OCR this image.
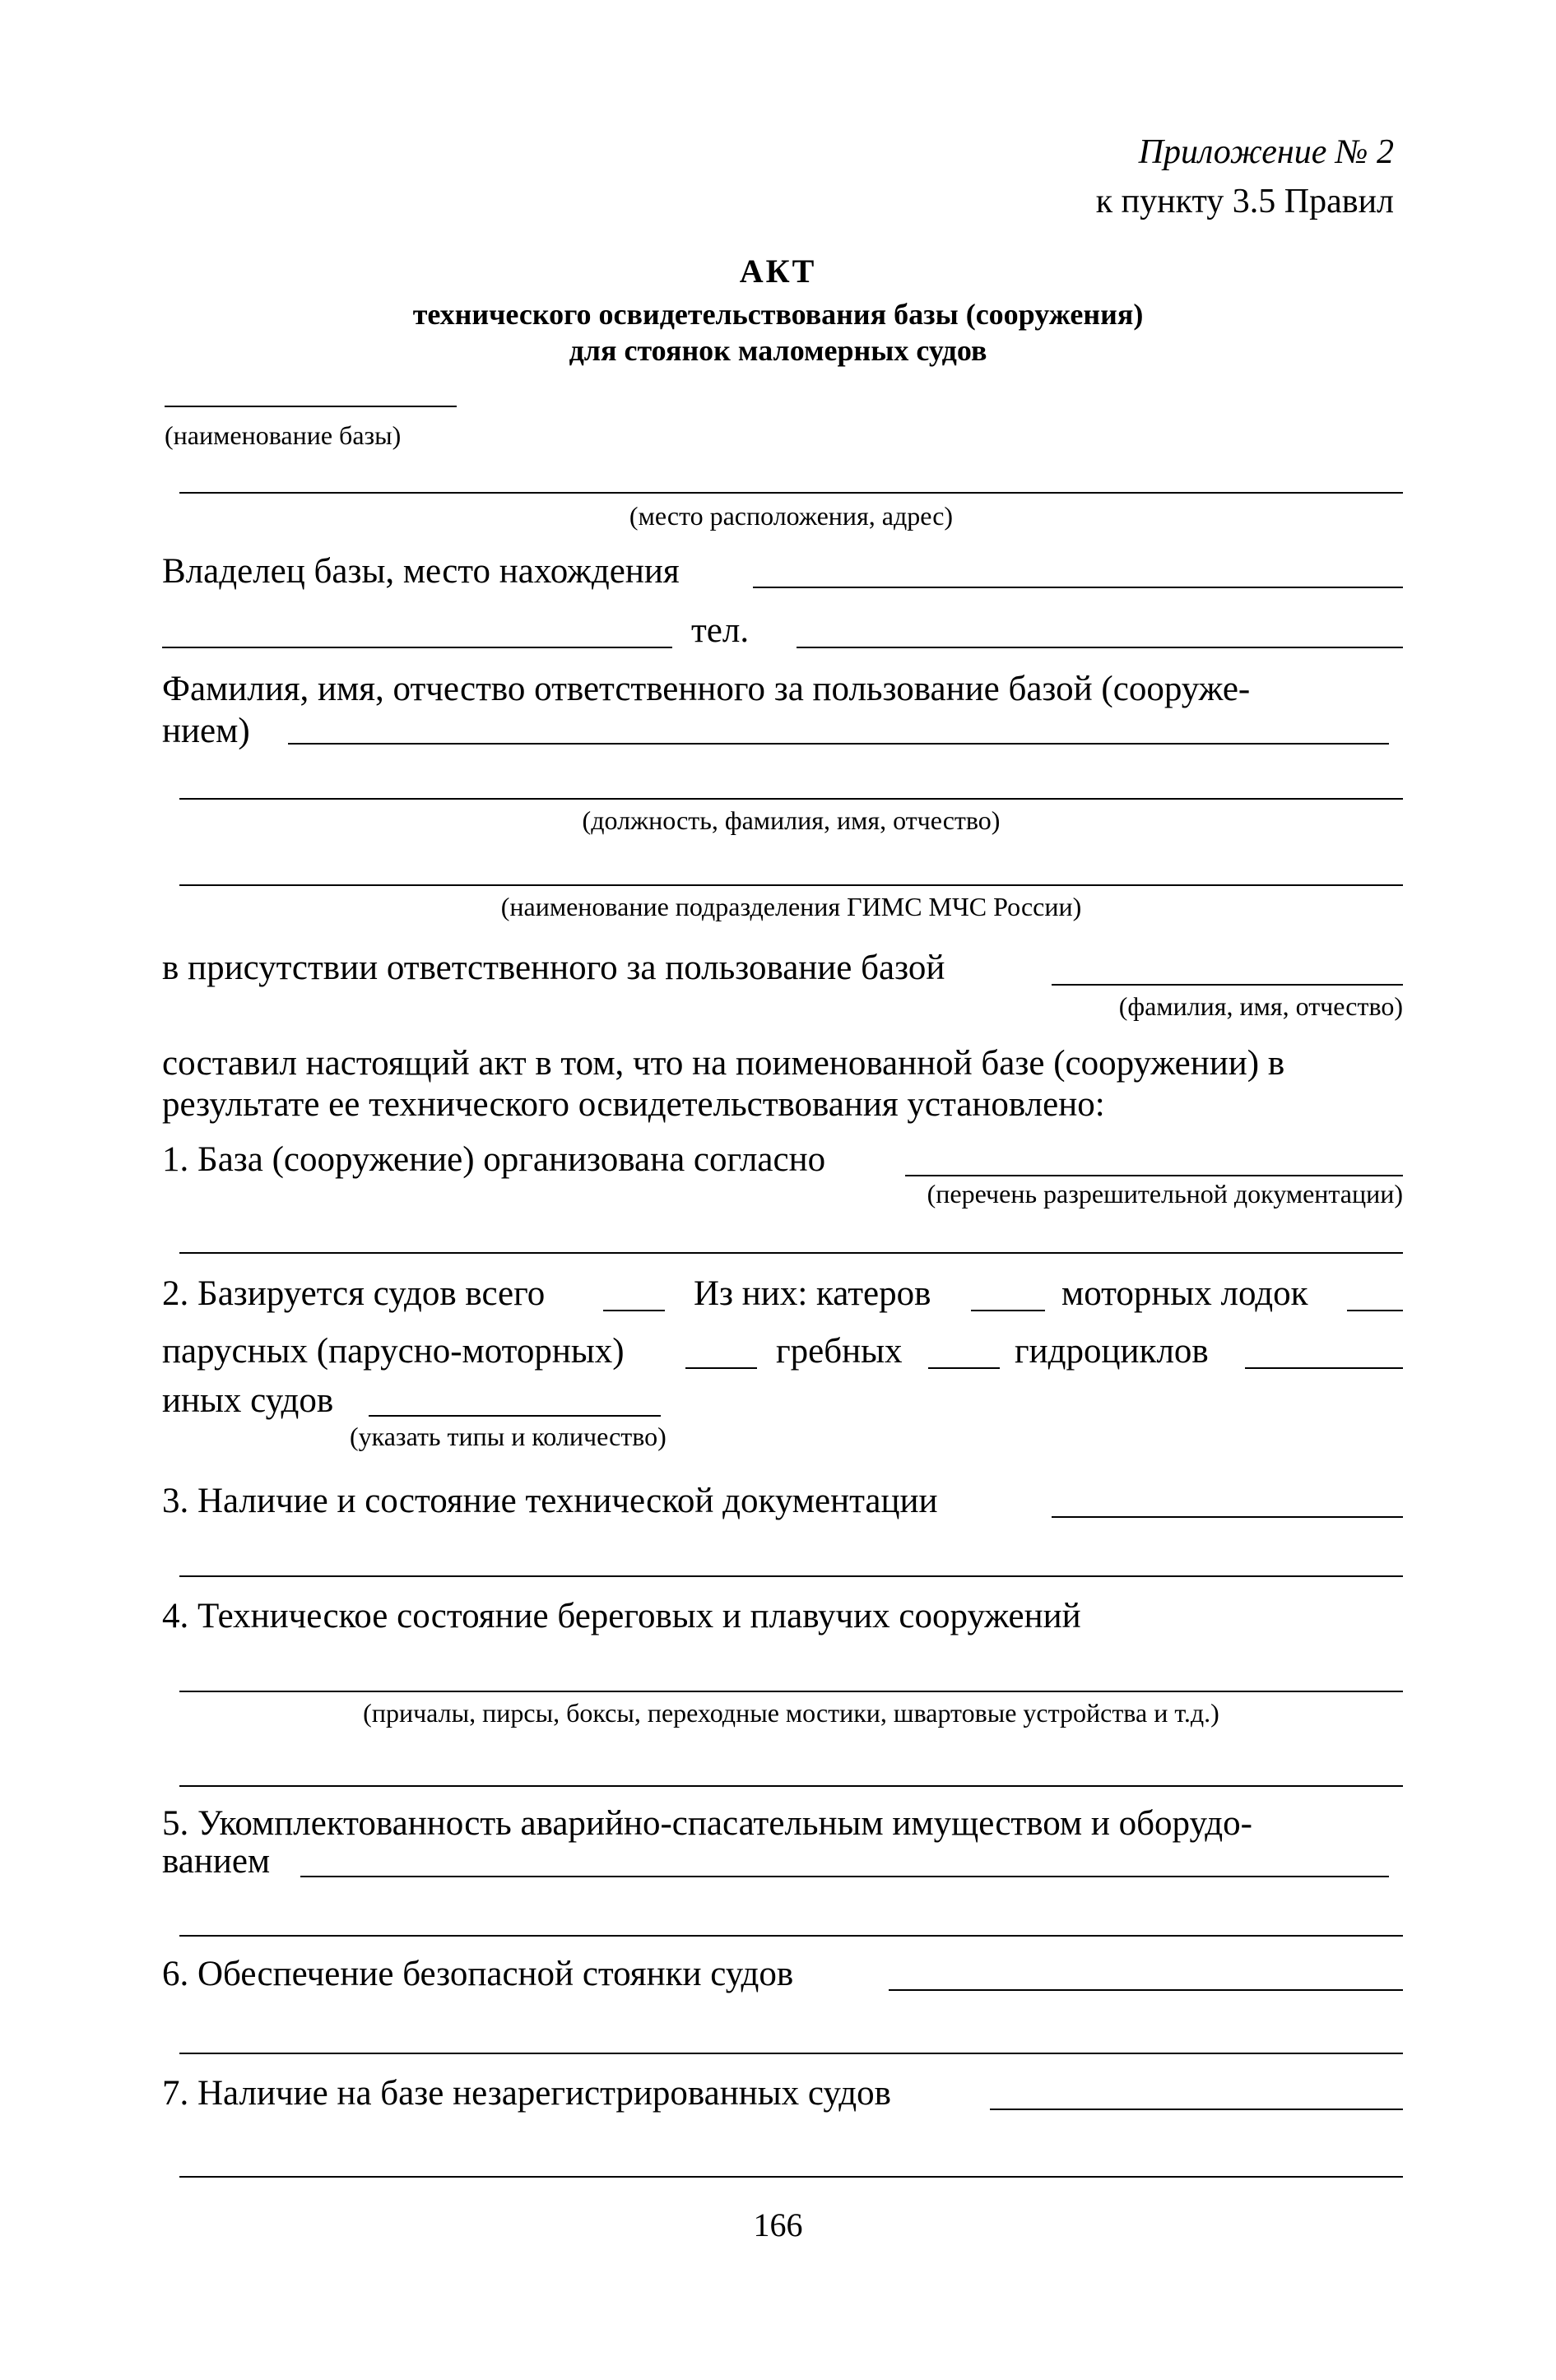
Приложение № 2
к пункту 3.5 Правил
АКТ
технического освидетельствования базы (сооружения)
для стоянок маломерных судов
(наименование базы)
(место расположения, адрес)
Владелец базы, место нахождения
тел.
Фамилия, имя, отчество ответственного за пользование базой (сооруже-
нием)
(должность, фамилия, имя, отчество)
(наименование подразделения ГИМС МЧС России)
в присутствии ответственного за пользование базой
(фамилия, имя, отчество)
составил настоящий акт в том, что на поименованной базе (сооружении) в
результате ее технического освидетельствования установлено:
1. База (сооружение) организована согласно
(перечень разрешительной документации)
2. Базируется судов всего	Из них: катеров	моторных лодок
парусных (парусно-моторных)	гребных	гидроциклов
иных судов
(указать типы и количество)
3. Наличие и состояние технической документации
4. Техническое состояние береговых и плавучих сооружений
(причалы, пирсы, боксы, переходные мостики, швартовые устройства и т.д.)
5. Укомплектованность аварийно-спасательным имуществом и оборудо-
ванием
6. Обеспечение безопасной стоянки судов
7. Наличие на базе незарегистрированных судов
166
